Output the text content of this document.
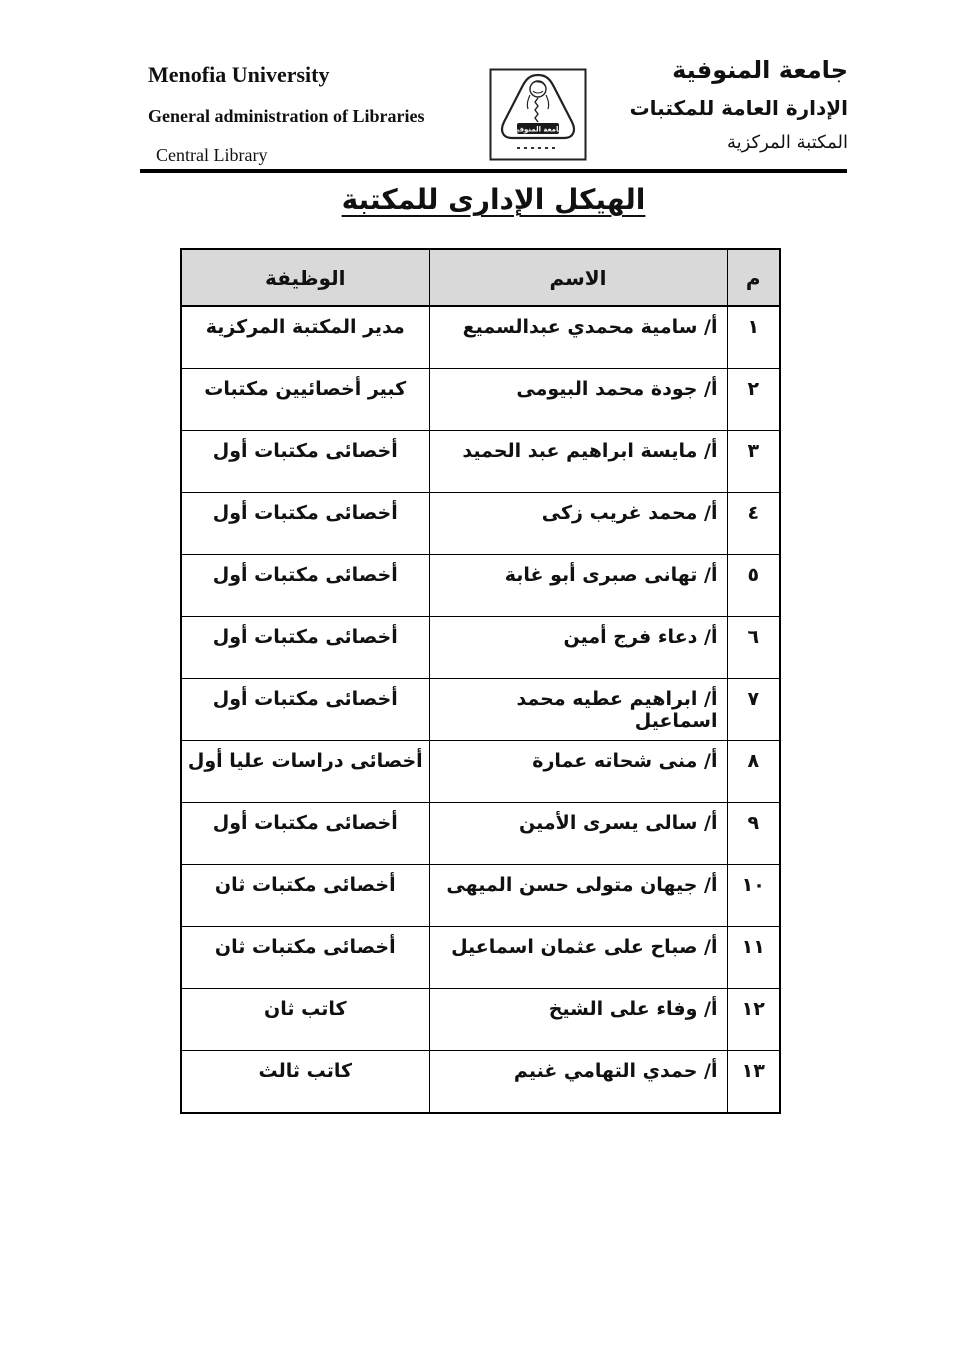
Menofia University
General administration of Libraries
Central Library
جامعة المنوفية
جامعة المنوفية
الإدارة العامة للمكتبات
المكتبة المركزية
الهيكل الإدارى للمكتبة
م	الاسم	الوظيفة
١	أ/ سامية محمدي عبدالسميع	مدير المكتبة المركزية
٢	أ/ جودة محمد البيومى	كبير أخصائيين مكتبات
٣	أ/ مايسة ابراهيم عبد الحميد	أخصائى مكتبات أول
٤	أ/ محمد غريب زكى	أخصائى مكتبات أول
٥	أ/ تهانى صبرى أبو غابة	أخصائى مكتبات أول
٦	أ/ دعاء فرج أمين	أخصائى مكتبات أول
٧	أ/ ابراهيم عطيه محمد اسماعيل	أخصائى مكتبات أول
٨	أ/ منى شحاته عمارة	أخصائى دراسات عليا أول
٩	أ/ سالى يسرى الأمين	أخصائى مكتبات أول
١٠	أ/ جيهان متولى حسن الميهى	أخصائى مكتبات ثان
١١	أ/ صباح على عثمان اسماعيل	أخصائى مكتبات ثان
١٢	أ/ وفاء على الشيخ	كاتب ثان
١٣	أ/ حمدي التهامي غنيم	كاتب ثالث
